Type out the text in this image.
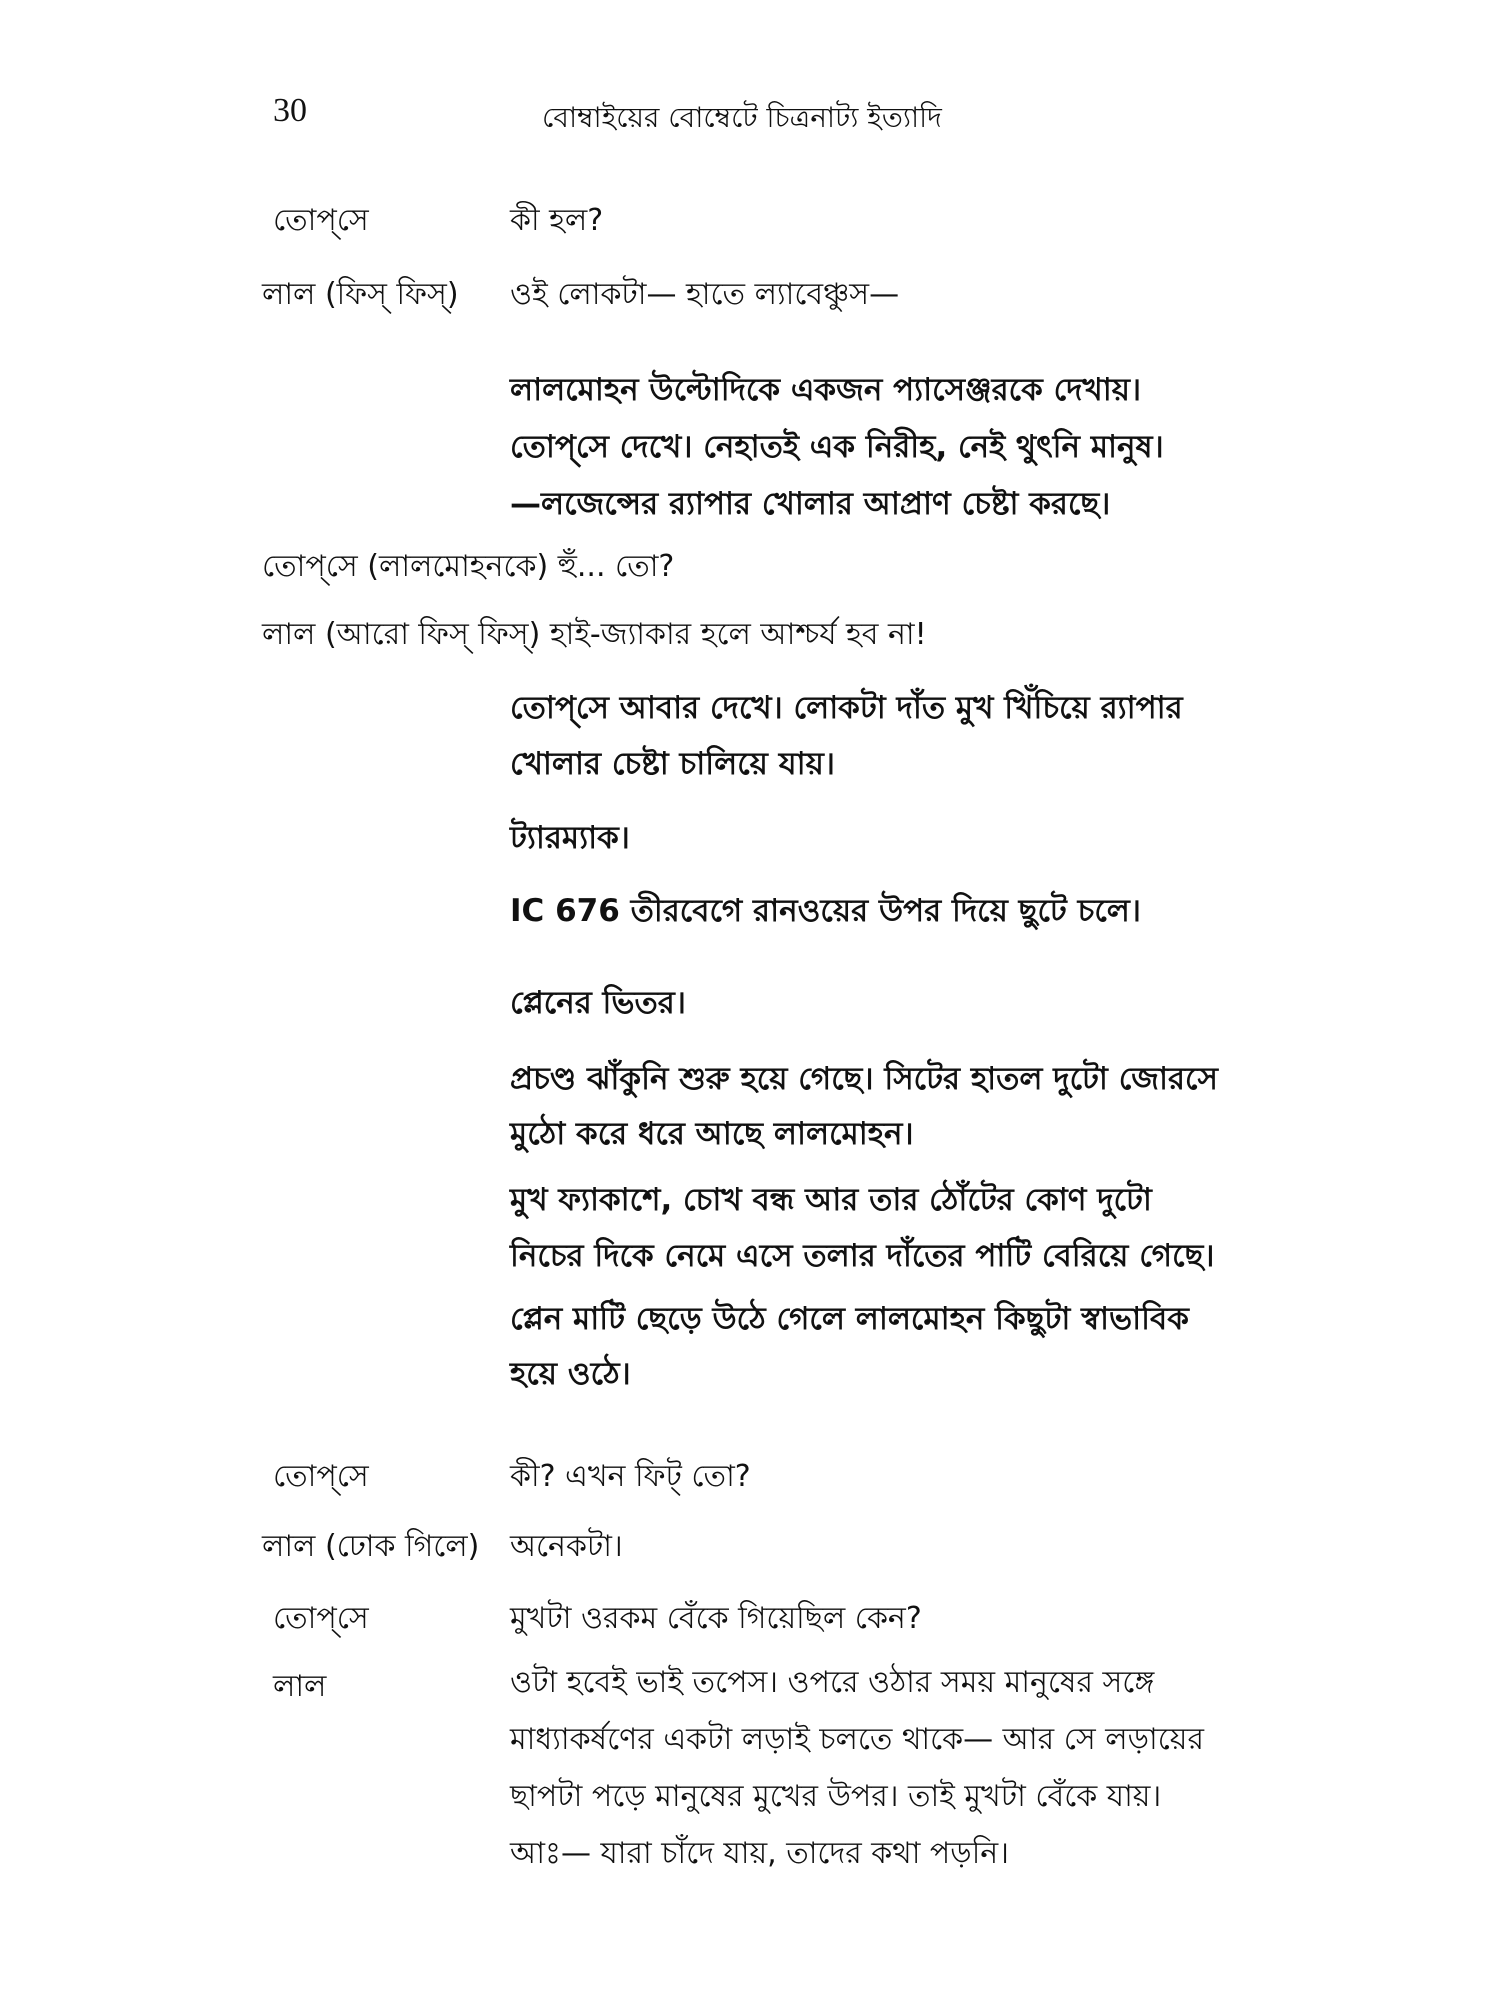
30	বোম্বাইয়ের বোম্বেটে চিত্রনাট্য ইত্যাদি
তোপ্‌সে	কী হল?
লাল (ফিস্‌ ফিস্‌) ওই লোকটা— হাতে ল্যাবেঞ্চুস—
লালমোহন উল্টোদিকে একজন প্যাসেঞ্জরকে দেখায়।
তোপ্‌সে দেখে। নেহাতই এক নিরীহ, নেই থুৎনি মানুষ।
—লজেন্সের র‍্যাপার খোলার আপ্রাণ চেষ্টা করছে।
তোপ্‌সে (লালমোহনকে) হুঁ... তো?
লাল (আরো ফিস্‌ ফিস্‌) হাই-জ্যাকার হলে আশ্চর্য হব না!
তোপ্‌সে আবার দেখে। লোকটা দাঁত মুখ খিঁচিয়ে র‍্যাপার
খোলার চেষ্টা চালিয়ে যায়।
ট্যারম্যাক।
IC 676 তীরবেগে রানওয়ের উপর দিয়ে ছুটে চলে।
প্লেনের ভিতর।
প্রচণ্ড ঝাঁকুনি শুরু হয়ে গেছে। সিটের হাতল দুটো জোরসে
মুঠো করে ধরে আছে লালমোহন।
মুখ ফ্যাকাশে, চোখ বন্ধ আর তার ঠোঁটের কোণ দুটো
নিচের দিকে নেমে এসে তলার দাঁতের পাটি বেরিয়ে গেছে।
প্লেন মাটি ছেড়ে উঠে গেলে লালমোহন কিছুটা স্বাভাবিক
হয়ে ওঠে।
তোপ্‌সে	কী? এখন ফিট্‌ তো?
লাল (ঢোক গিলে) অনেকটা।
তোপ্‌সে	মুখটা ওরকম বেঁকে গিয়েছিল কেন?
লাল	ওটা হবেই ভাই তপেস। ওপরে ওঠার সময় মানুষের সঙ্গে
মাধ্যাকর্ষণের একটা লড়াই চলতে থাকে— আর সে লড়ায়ের
ছাপটা পড়ে মানুষের মুখের উপর। তাই মুখটা বেঁকে যায়।
আঃ— যারা চাঁদে যায়, তাদের কথা পড়নি।
